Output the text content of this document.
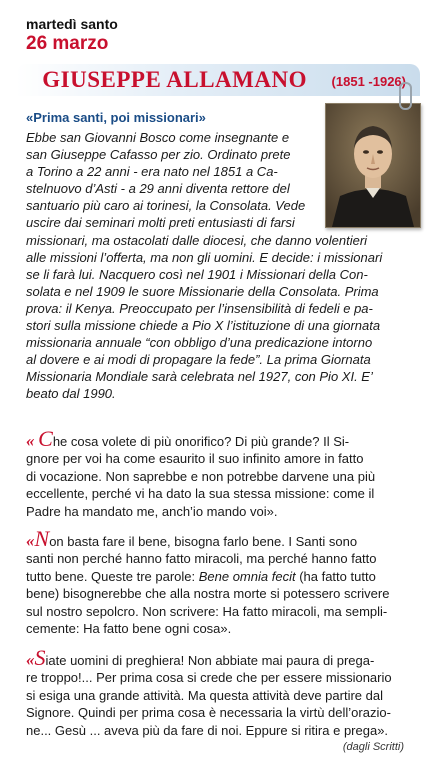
martedì santo
26 marzo
GIUSEPPE ALLAMANO (1851 -1926)
«Prima santi, poi missionari»
Ebbe san Giovanni Bosco come insegnante e
san Giuseppe Cafasso per zio. Ordinato prete
a Torino a 22 anni - era nato nel 1851 a Ca-
stelnuovo d’Asti - a 29 anni diventa rettore del
santuario più caro ai torinesi, la Consolata. Vede
uscire dai seminari molti preti entusiasti di farsi
missionari, ma ostacolati dalle diocesi, che danno volentieri
alle missioni l’offerta, ma non gli uomini. E decide: i missionari
se li farà lui. Nacquero così nel 1901 i Missionari della Con-
solata e nel 1909 le suore Missionarie della Consolata. Prima
prova: il Kenya. Preoccupato per l’insensibilità di fedeli e pa-
stori sulla missione chiede a Pio X l’istituzione di una giornata
missionaria annuale “con obbligo d’una predicazione intorno
al dovere e ai modi di propagare la fede”. La prima Giornata
Missionaria Mondiale sarà celebrata nel 1927, con Pio XI. E’
beato dal 1990.
« Che cosa volete di più onorifico? Di più grande? Il Si-
gnore per voi ha come esaurito il suo infinito amore in fatto
di vocazione. Non saprebbe e non potrebbe darvene una più
eccellente, perché vi ha dato la sua stessa missione: come il
Padre ha mandato me, anch’io mando voi».
«Non basta fare il bene, bisogna farlo bene. I Santi sono
santi non perché hanno fatto miracoli, ma perché hanno fatto
tutto bene. Queste tre parole: Bene omnia fecit (ha fatto tutto
bene) bisognerebbe che alla nostra morte si potessero scrivere
sul nostro sepolcro. Non scrivere: Ha fatto miracoli, ma sempli-
cemente: Ha fatto bene ogni cosa».
«Siate uomini di preghiera! Non abbiate mai paura di prega-
re troppo!... Per prima cosa si crede che per essere missionario
si esiga una grande attività. Ma questa attività deve partire dal
Signore. Quindi per prima cosa è necessaria la virtù dell’orazio-
ne... Gesù ... aveva più da fare di noi. Eppure si ritira e prega».
(dagli Scritti)
